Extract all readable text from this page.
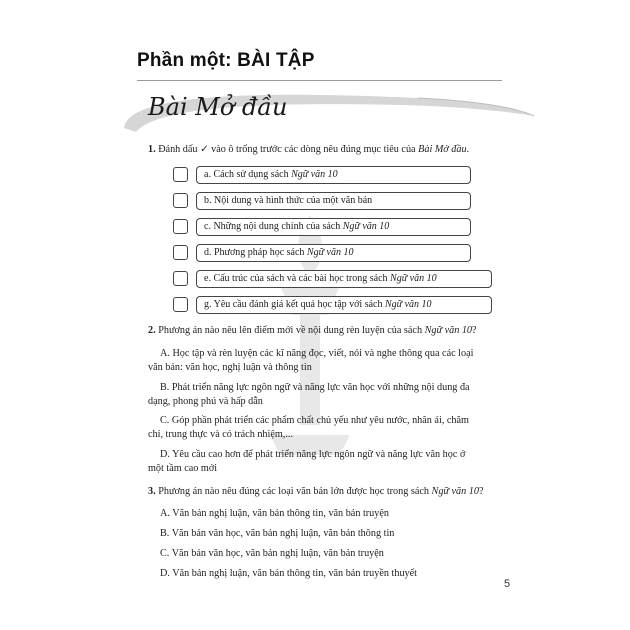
Phần một: BÀI TẬP
Bài Mở đầu
1. Đánh dấu ✓ vào ô trống trước các dòng nêu đúng mục tiêu của Bài Mở đầu.
a. Cách sử dụng sách Ngữ văn 10
b. Nội dung và hình thức của một văn bản
c. Những nội dung chính của sách Ngữ văn 10
d. Phương pháp học sách Ngữ văn 10
e. Cấu trúc của sách và các bài học trong sách Ngữ văn 10
g. Yêu cầu đánh giá kết quả học tập với sách Ngữ văn 10
2. Phương án nào nêu lên điểm mới về nội dung rèn luyện của sách Ngữ văn 10?
A. Học tập và rèn luyện các kĩ năng đọc, viết, nói và nghe thông qua các loại
văn bản: văn học, nghị luận và thông tin
B. Phát triển năng lực ngôn ngữ và năng lực văn học với những nội dung đa
dạng, phong phú và hấp dẫn
C. Góp phần phát triển các phẩm chất chủ yếu như yêu nước, nhân ái, chăm
chỉ, trung thực và có trách nhiệm,...
D. Yêu cầu cao hơn để phát triển năng lực ngôn ngữ và năng lực văn học ở
một tầm cao mới
3. Phương án nào nêu đúng các loại văn bản lớn được học trong sách Ngữ văn 10?
A. Văn bản nghị luận, văn bản thông tin, văn bản truyện
B. Văn bản văn học, văn bản nghị luận, văn bản thông tin
C. Văn bản văn học, văn bản nghị luận, văn bản truyện
D. Văn bản nghị luận, văn bản thông tin, văn bản truyền thuyết
5
